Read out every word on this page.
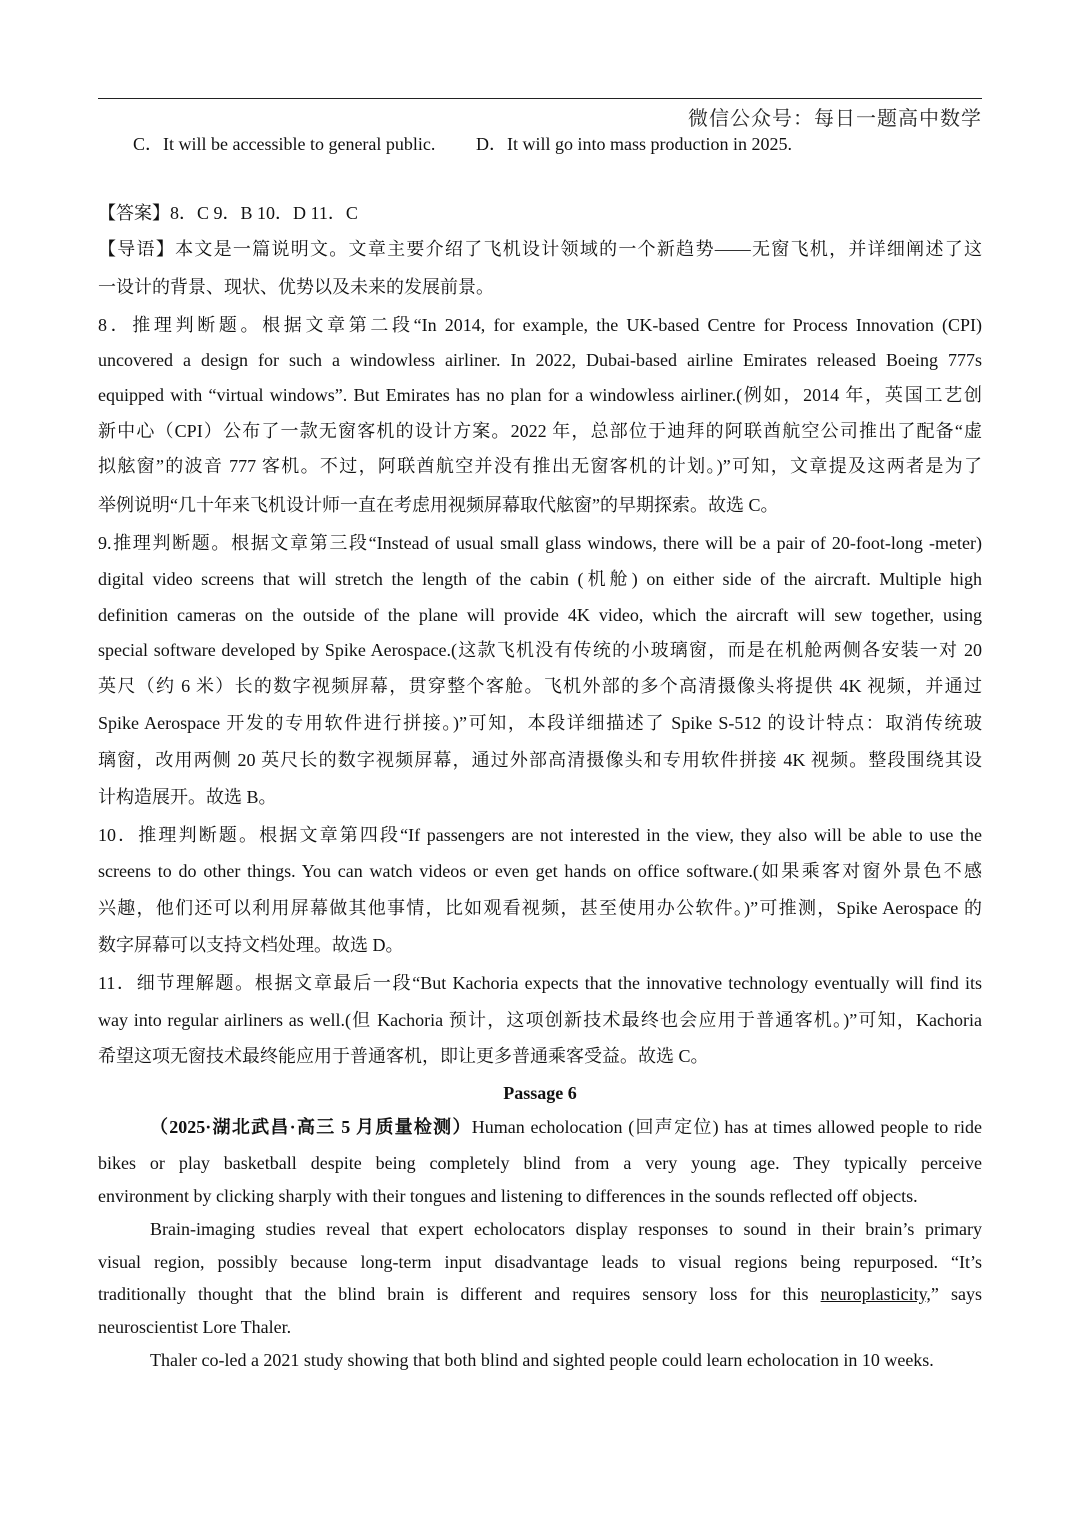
微信公众号：每日一题高中数学
C．It will be accessible to general public. D．It will go into mass production in 2025.
【答案】8．C 9．B 10．D 11．C
【导语】本文是一篇说明文。文章主要介绍了飞机设计领域的一个新趋势——无窗飞机，并详细阐述了这
一设计的背景、现状、优势以及未来的发展前景。
8．推理判断题。根据文章第二段“In 2014, for example, the UK-based Centre for Process Innovation (CPI)
uncovered a design for such a windowless airliner. In 2022, Dubai-based airline Emirates released Boeing 777s
equipped with “virtual windows”. But Emirates has no plan for a windowless airliner.(例如，2014 年，英国工艺创
新中心（CPI）公布了一款无窗客机的设计方案。2022 年，总部位于迪拜的阿联酋航空公司推出了配备“虚
拟舷窗”的波音 777 客机。不过，阿联酋航空并没有推出无窗客机的计划。)”可知，文章提及这两者是为了
举例说明“几十年来飞机设计师一直在考虑用视频屏幕取代舷窗”的早期探索。故选 C。
9.推理判断题。根据文章第三段“Instead of usual small glass windows, there will be a pair of 20-foot-long -meter)
digital video screens that will stretch the length of the cabin (机舱) on either side of the aircraft. Multiple high
definition cameras on the outside of the plane will provide 4K video, which the aircraft will sew together, using
special software developed by Spike Aerospace.(这款飞机没有传统的小玻璃窗，而是在机舱两侧各安装一对 20
英尺（约 6 米）长的数字视频屏幕，贯穿整个客舱。飞机外部的多个高清摄像头将提供 4K 视频，并通过
Spike Aerospace 开发的专用软件进行拼接。)”可知，本段详细描述了 Spike S-512 的设计特点：取消传统玻
璃窗，改用两侧 20 英尺长的数字视频屏幕，通过外部高清摄像头和专用软件拼接 4K 视频。整段围绕其设
计构造展开。故选 B。
10．推理判断题。根据文章第四段“If passengers are not interested in the view, they also will be able to use the
screens to do other things. You can watch videos or even get hands on office software.(如果乘客对窗外景色不感
兴趣，他们还可以利用屏幕做其他事情，比如观看视频，甚至使用办公软件。)”可推测，Spike Aerospace 的
数字屏幕可以支持文档处理。故选 D。
11．细节理解题。根据文章最后一段“But Kachoria expects that the innovative technology eventually will find its
way into regular airliners as well.(但 Kachoria 预计，这项创新技术最终也会应用于普通客机。)”可知，Kachoria
希望这项无窗技术最终能应用于普通客机，即让更多普通乘客受益。故选 C。
Passage 6
（2025·湖北武昌·高三 5 月质量检测）Human echolocation (回声定位) has at times allowed people to ride
bikes or play basketball despite being completely blind from a very young age. They typically perceive
environment by clicking sharply with their tongues and listening to differences in the sounds reflected off objects.
Brain-imaging studies reveal that expert echolocators display responses to sound in their brain’s primary
visual region, possibly because long-term input disadvantage leads to visual regions being repurposed. “It’s
traditionally thought that the blind brain is different and requires sensory loss for this neuroplasticity,” says
neuroscientist Lore Thaler.
Thaler co-led a 2021 study showing that both blind and sighted people could learn echolocation in 10 weeks.
